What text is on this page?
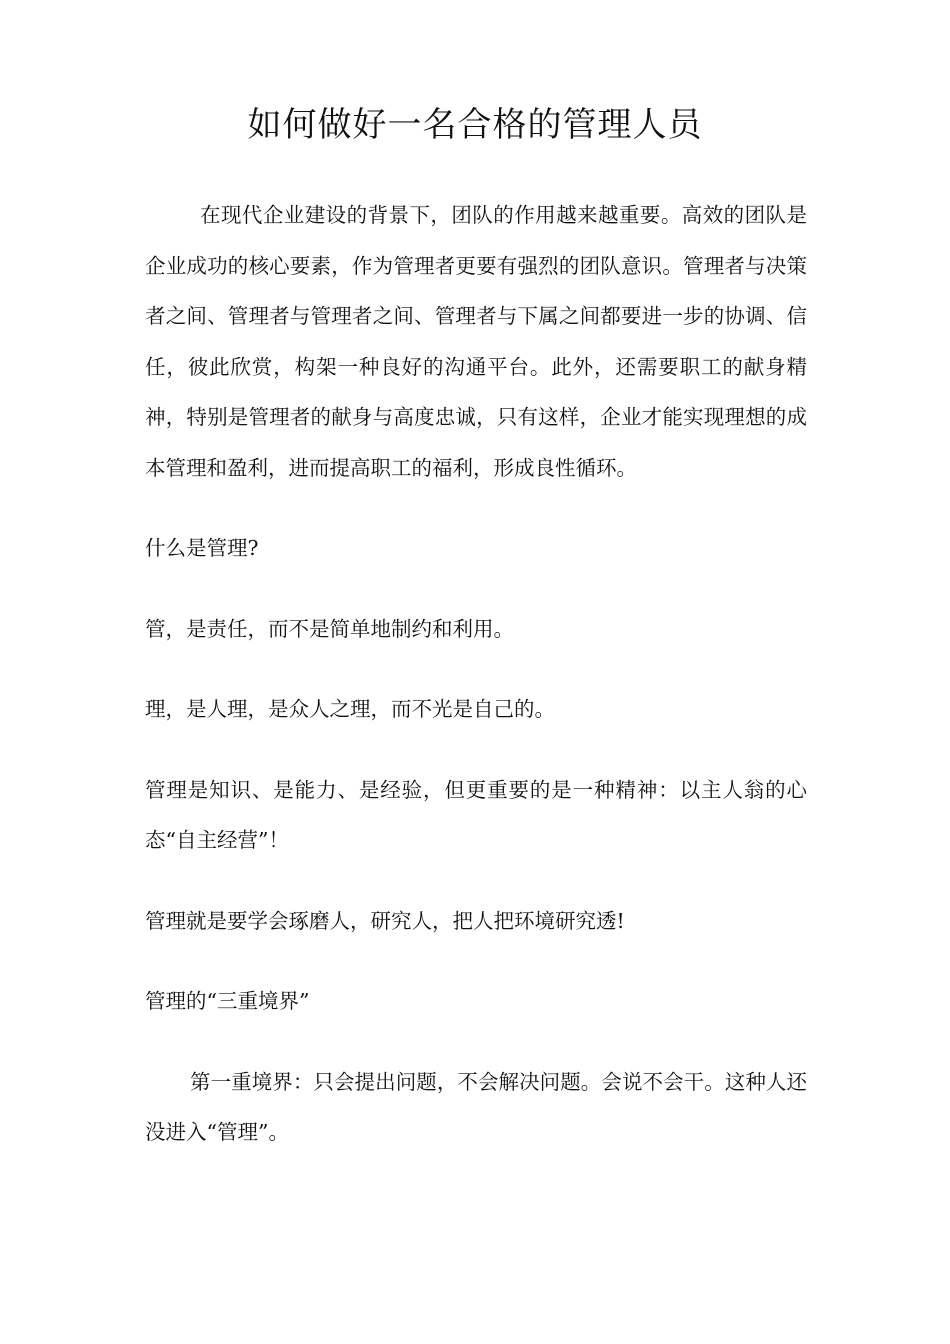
如何做好一名合格的管理人员

在现代企业建设的背景下，团队的作用越来越重要。高效的团队是企业成功的核心要素，作为管理者更要有强烈的团队意识。管理者与决策者之间、管理者与管理者之间、管理者与下属之间都要进一步的协调、信任，彼此欣赏，构架一种良好的沟通平台。此外，还需要职工的献身精神，特别是管理者的献身与高度忠诚，只有这样，企业才能实现理想的成本管理和盈利，进而提高职工的福利，形成良性循环。

什么是管理?

管，是责任，而不是简单地制约和利用。

理，是人理，是众人之理，而不光是自己的。

管理是知识、是能力、是经验，但更重要的是一种精神：以主人翁的心态“自主经营”！

管理就是要学会琢磨人，研究人，把人把环境研究透!

管理的“三重境界”

第一重境界：只会提出问题，不会解决问题。会说不会干。这种人还没进入“管理”。
